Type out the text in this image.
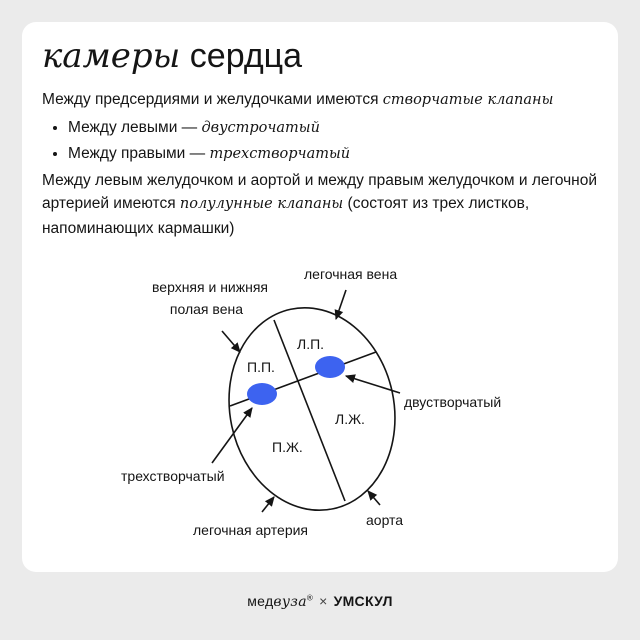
камеры сердца

Между предсердиями и желудочками имеются створчатые клапаны

Между левыми — двустрочатый
Между правыми — трехстворчатый

Между левым желудочком и аортой и между правым желудочком и легочной артерией имеются полулунные клапаны (состоят из трех листков, напоминающих кармашки)

П.П.
Л.П.
П.Ж.
Л.Ж.
верхняя и нижняя
полая вена
легочная вена
двустворчатый
трехстворчатый
легочная артерия
аорта
медвуза® × УМСКУЛ
